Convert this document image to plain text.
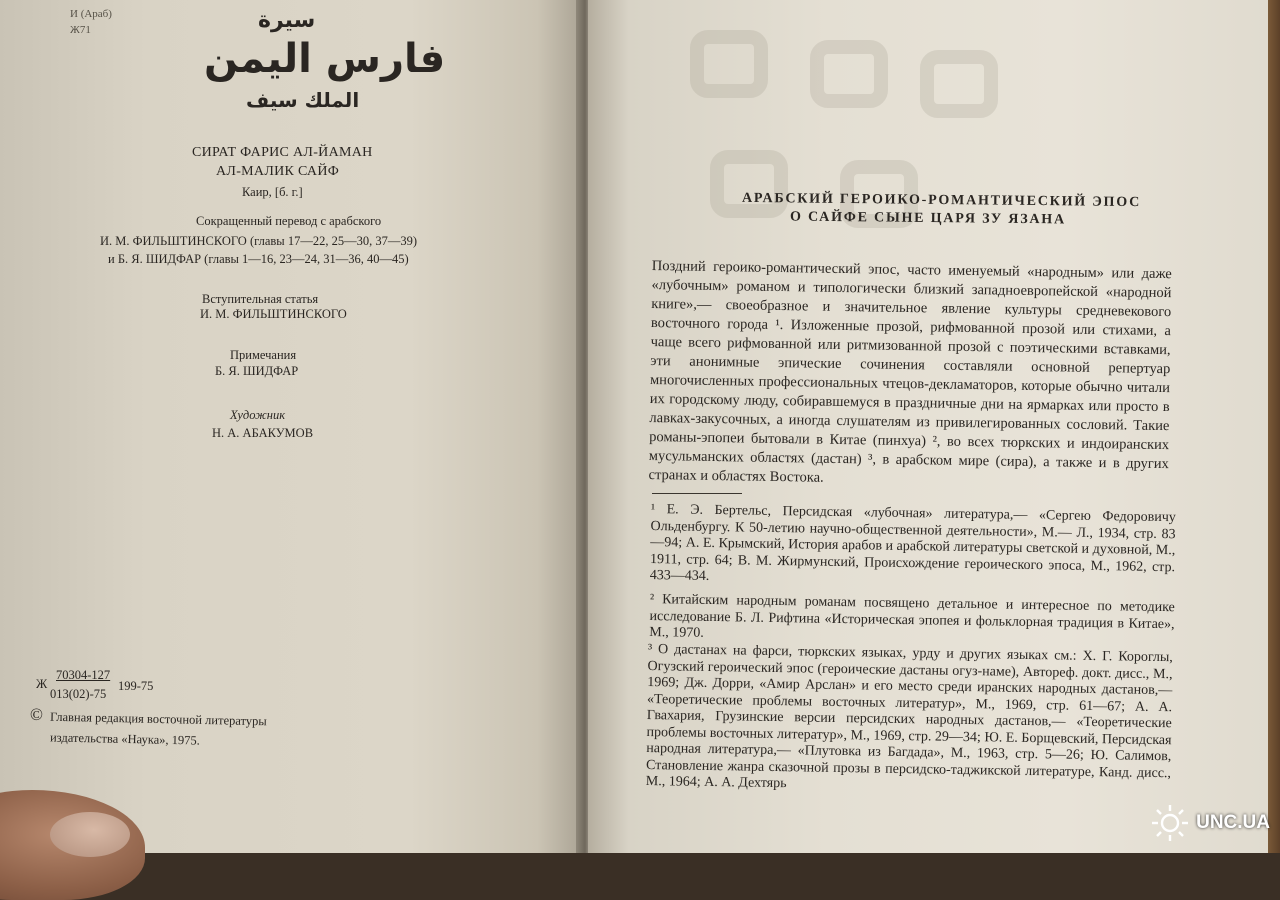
И (Араб)
Ж71	سيرة
فارس اليمن
الملك سيف
СИРАТ ФАРИС АЛ-ЙАМАН
АЛ-МАЛИК САЙФ
Каир, [б. г.]
Сокращенный перевод с арабского
И. М. ФИЛЬШТИНСКОГО (главы 17—22, 25—30, 37—39)
и Б. Я. ШИДФАР (главы 1—16, 23—24, 31—36, 40—45)
Вступительная статья
И. М. ФИЛЬШТИНСКОГО
Примечания
Б. Я. ШИДФАР
Художник
Н. А. АБАКУМОВ
Ж
70304-127
013(02)-75
199-75
© Главная редакция восточной литературы
издательства «Наука», 1975.
АРАБСКИЙ ГЕРОИКО-РОМАНТИЧЕСКИЙ ЭПОС
О САЙФЕ СЫНЕ ЦАРЯ ЗУ ЯЗАНА
Поздний героико-романтический эпос, часто именуемый «народным» или даже «лубочным» романом и типологически близкий западноевропейской «народной книге»,— своеобразное и значительное явление культуры средневекового восточного города ¹. Изложенные прозой, рифмованной прозой или стихами, а чаще всего рифмованной или ритмизованной прозой с поэтическими вставками, эти анонимные эпические сочинения составляли основной репертуар многочисленных профессиональных чтецов-декламаторов, которые обычно читали их городскому люду, собиравшемуся в праздничные дни на ярмарках или просто в лавках-закусочных, а иногда слушателям из привилегированных сословий. Такие романы-эпопеи бытовали в Китае (пинхуа) ², во всех тюркских и индоиранских мусульманских областях (дастан) ³, в арабском мире (сира), а также и в других странах и областях Востока.
¹ Е. Э. Бертельс, Персидская «лубочная» литература,— «Сергею Федоровичу Ольденбургу. К 50-летию научно-общественной деятельности», М.— Л., 1934, стр. 83—94; А. Е. Крымский, История арабов и арабской литературы светской и духовной, М., 1911, стр. 64; В. М. Жирмунский, Происхождение героического эпоса, М., 1962, стр. 433—434.
² Китайским народным романам посвящено детальное и интересное по методике исследование Б. Л. Рифтина «Историческая эпопея и фольклорная традиция в Китае», М., 1970.
³ О дастанах на фарси, тюркских языках, урду и других языках см.: Х. Г. Короглы, Огузский героический эпос (героические дастаны огуз-наме), Автореф. докт. дисс., М., 1969; Дж. Дорри, «Амир Арслан» и его место среди иранских народных дастанов,— «Теоретические проблемы восточных литератур», М., 1969, стр. 61—67; А. А. Гвахария, Грузинские версии персидских народных дастанов,— «Теоретические проблемы восточных литератур», М., 1969, стр. 29—34; Ю. Е. Борщевский, Персидская народная литература,— «Плутовка из Багдада», М., 1963, стр. 5—26; Ю. Салимов, Становление жанра сказочной прозы в персидско-таджикской литературе, Канд. дисс., М., 1964; А. А. Дехтярь
UNC.UA
